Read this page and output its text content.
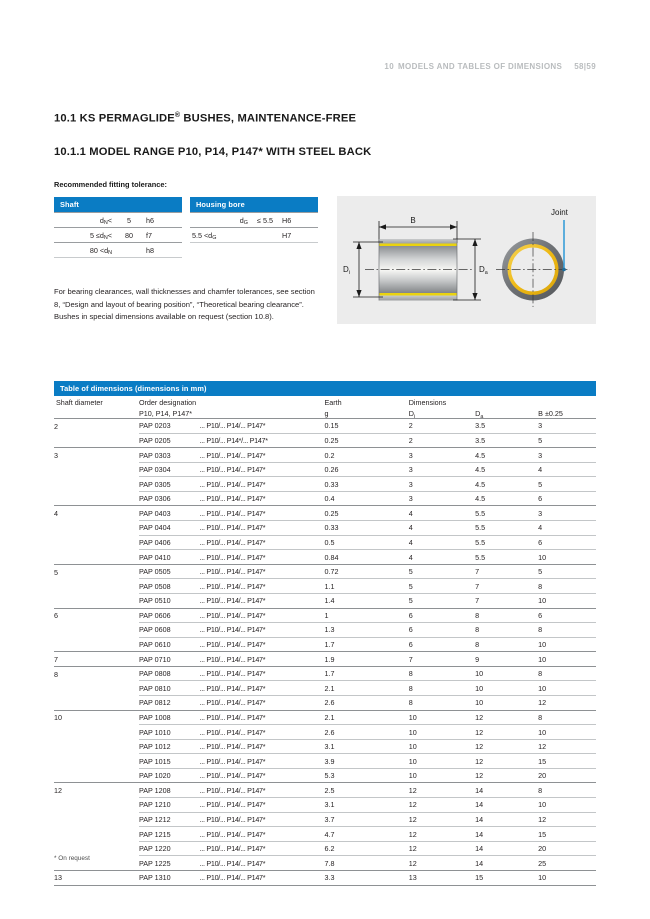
10 MODELS AND TABLES OF DIMENSIONS 58|59
10.1 KS PERMAGLIDE® BUSHES, MAINTENANCE-FREE
10.1.1 MODEL RANGE P10, P14, P147* WITH STEEL BACK
Recommended fitting tolerance:
Shaft		
$d_N<$	5	h6
$5 \le d_N<$	80	f7
$80 <d_N$		h8
Housing bore		
$d_G$	≤ 5.5	H6
$5.5 <d_G$		H7
For bearing clearances, wall thicknesses and chamfer tolerances, see section 8, “Design and layout of bearing position”, “Theoretical bearing clearance”. Bushes in special dimensions available on request (section 10.8).
$D_i$	$D_a$
B
Joint
Table of dimensions (dimensions in mm)
Shaft diameter	Order designation		Earth	Dimensions		
	P10, P14, P147*		g	$D_i$	$D_a$	B ±0.25
2	PAP 0203	... P10/... P14/... P147*	0.15	2	3.5	3
	PAP 0205	... P10/... P14*/... P147*	0.25	2	3.5	5
3	PAP 0303	... P10/... P14/... P147*	0.2	3	4.5	3
	PAP 0304	... P10/... P14/... P147*	0.26	3	4.5	4
	PAP 0305	... P10/... P14/... P147*	0.33	3	4.5	5
	PAP 0306	... P10/... P14/... P147*	0.4	3	4.5	6
4	PAP 0403	... P10/... P14/... P147*	0.25	4	5.5	3
	PAP 0404	... P10/... P14/... P147*	0.33	4	5.5	4
	PAP 0406	... P10/... P14/... P147*	0.5	4	5.5	6
	PAP 0410	... P10/... P14/... P147*	0.84	4	5.5	10
5	PAP 0505	... P10/... P14/... P147*	0.72	5	7	5
	PAP 0508	... P10/... P14/... P147*	1.1	5	7	8
	PAP 0510	... P10/... P14/... P147*	1.4	5	7	10
6	PAP 0606	... P10/... P14/... P147*	1	6	8	6
	PAP 0608	... P10/... P14/... P147*	1.3	6	8	8
	PAP 0610	... P10/... P14/... P147*	1.7	6	8	10
7	PAP 0710	... P10/... P14/... P147*	1.9	7	9	10
8	PAP 0808	... P10/... P14/... P147*	1.7	8	10	8
	PAP 0810	... P10/... P14/... P147*	2.1	8	10	10
	PAP 0812	... P10/... P14/... P147*	2.6	8	10	12
10	PAP 1008	... P10/... P14/... P147*	2.1	10	12	8
	PAP 1010	... P10/... P14/... P147*	2.6	10	12	10
	PAP 1012	... P10/... P14/... P147*	3.1	10	12	12
	PAP 1015	... P10/... P14/... P147*	3.9	10	12	15
	PAP 1020	... P10/... P14/... P147*	5.3	10	12	20
12	PAP 1208	... P10/... P14/... P147*	2.5	12	14	8
	PAP 1210	... P10/... P14/... P147*	3.1	12	14	10
	PAP 1212	... P10/... P14/... P147*	3.7	12	14	12
	PAP 1215	... P10/... P14/... P147*	4.7	12	14	15
	PAP 1220	... P10/... P14/... P147*	6.2	12	14	20
	PAP 1225	... P10/... P14/... P147*	7.8	12	14	25
13	PAP 1310	... P10/... P14/... P147*	3.3	13	15	10
* On request
